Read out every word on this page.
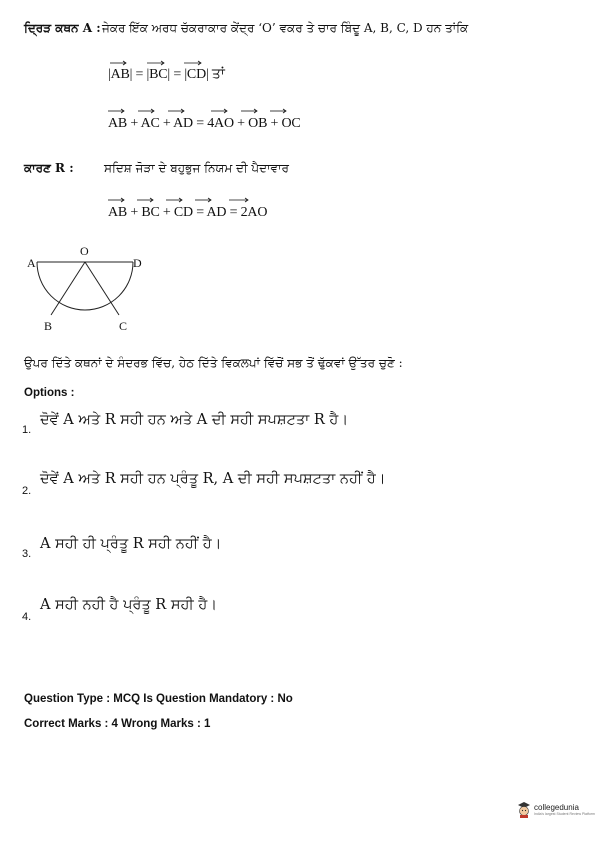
ਦ੍ਰਿੜ ਕਥਨ A : ਜੇਕਰ ਇੱਕ ਅਰਧ ਚੱਕਰਾਕਾਰ ਕੇਂਦ੍ਰ ‘O’ ਵਕਰ ਤੇ ਚਾਰ ਬਿੰਦੂ A, B, C, D ਹਨ ਤਾਂਕਿ
|AB| = |BC| = |CD| ਤਾਂ
AB + AC + AD = 4AO + OB + OC
ਕਾਰਣ R :	ਸਦਿਸ਼ ਜੋੜਾ ਦੇ ਬਹੁਭੁਜ ਨਿਯਮ ਦੀ ਪੈਦਾਵਾਰ
AB + BC + CD = AD = 2AO
A
O
D
B	C
ਉਪਰ ਦਿੱਤੇ ਕਥਨਾਂ ਦੇ ਸੰਦਰਭ ਵਿੱਚ, ਹੇਠ ਦਿੱਤੇ ਵਿਕਲਪਾਂ ਵਿੱਚੋਂ ਸਭ ਤੋਂ ਢੁੱਕਵਾਂ ਉੱਤਰ ਚੁਣੋ :
Options :
1.
ਦੋਵੇਂ A ਅਤੇ R ਸਹੀ ਹਨ ਅਤੇ A ਦੀ ਸਹੀ ਸਪਸ਼ਟਤਾ R ਹੈ।
2.
ਦੋਵੇਂ A ਅਤੇ R ਸਹੀ ਹਨ ਪ੍ਰੰਤੂ R, A ਦੀ ਸਹੀ ਸਪਸ਼ਟਤਾ ਨਹੀਂ ਹੈ।
3.
A ਸਹੀ ਹੀ ਪ੍ਰੰਤੂ R ਸਹੀ ਨਹੀਂ ਹੈ।
4.
A ਸਹੀ ਨਹੀ ਹੈ ਪ੍ਰੰਤੂ R ਸਹੀ ਹੈ।
Question Type : MCQ Is Question Mandatory : No
Correct Marks : 4 Wrong Marks : 1
collegedunia
India's largest Student Review Platform
